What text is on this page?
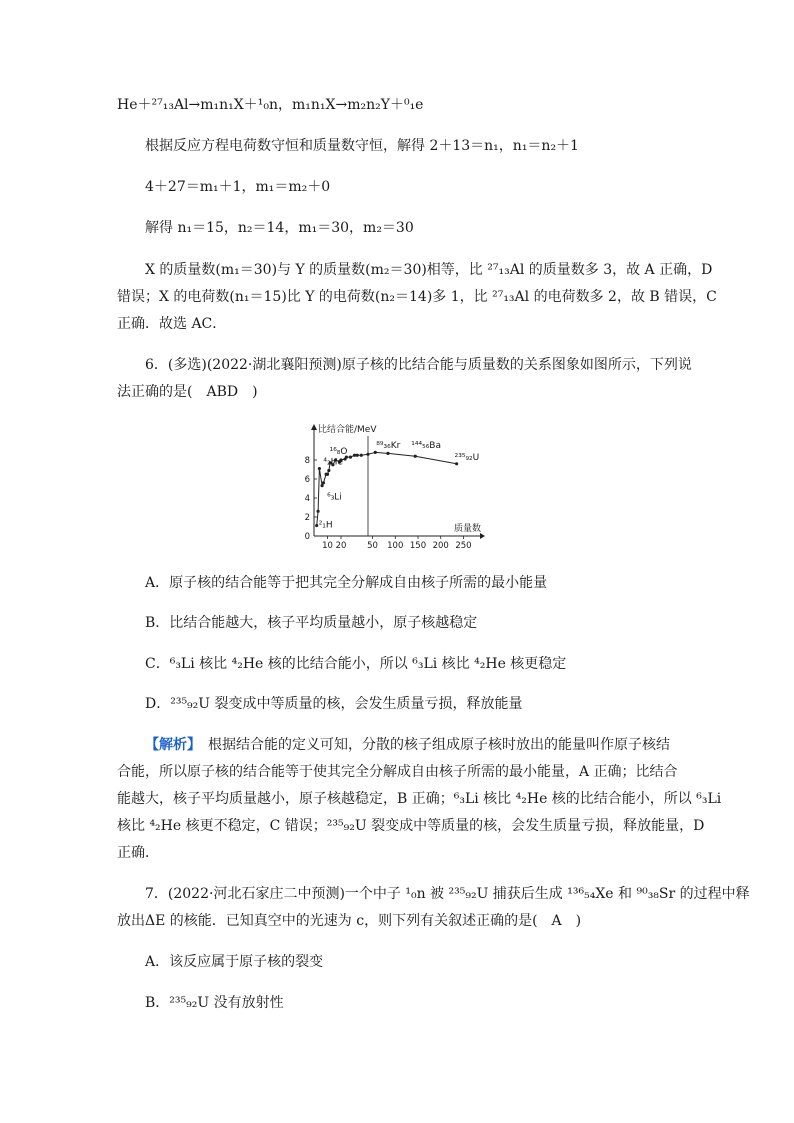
He＋²⁷₁₃Al→m₁n₁X＋¹₀n，m₁n₁X→m₂n₂Y＋⁰₁e
根据反应方程电荷数守恒和质量数守恒，解得 2＋13＝n₁，n₁＝n₂＋1
4＋27＝m₁＋1，m₁＝m₂＋0
解得 n₁＝15，n₂＝14，m₁＝30，m₂＝30
X 的质量数(m₁＝30)与 Y 的质量数(m₂＝30)相等，比 ²⁷₁₃Al 的质量数多 3，故 A 正确，D
错误；X 的电荷数(n₁＝15)比 Y 的电荷数(n₂＝14)多 1，比 ²⁷₁₃Al 的电荷数多 2，故 B 错误，C
正确．故选 AC．
6．(多选)(2022·湖北襄阳预测)原子核的比结合能与质量数的关系图象如图所示，下列说
法正确的是(　ABD　)
10 20 50 100 150 200 250
0
2
4
6
8
比结合能/MeV
质量数
²₁H
⁴₂He
⁶₃Li
¹⁶₈O
⁸⁹₃₆Kr ¹⁴⁴₅₆Ba
²³⁵₉₂U
A．原子核的结合能等于把其完全分解成自由核子所需的最小能量
B．比结合能越大，核子平均质量越小，原子核越稳定
C．⁶₃Li 核比 ⁴₂He 核的比结合能小，所以 ⁶₃Li 核比 ⁴₂He 核更稳定
D．²³⁵₉₂U 裂变成中等质量的核，会发生质量亏损，释放能量
【解析】　根据结合能的定义可知，分散的核子组成原子核时放出的能量叫作原子核结
合能，所以原子核的结合能等于使其完全分解成自由核子所需的最小能量，A 正确；比结合
能越大，核子平均质量越小，原子核越稳定，B 正确；⁶₃Li 核比 ⁴₂He 核的比结合能小，所以 ⁶₃Li
核比 ⁴₂He 核更不稳定，C 错误；²³⁵₉₂U 裂变成中等质量的核，会发生质量亏损，释放能量，D
正确．
7．(2022·河北石家庄二中预测)一个中子 ¹₀n 被 ²³⁵₉₂U 捕获后生成 ¹³⁶₅₄Xe 和 ⁹⁰₃₈Sr 的过程中释
放出ΔE 的核能．已知真空中的光速为 c，则下列有关叙述正确的是(　A　)
A．该反应属于原子核的裂变
B．²³⁵₉₂U 没有放射性
